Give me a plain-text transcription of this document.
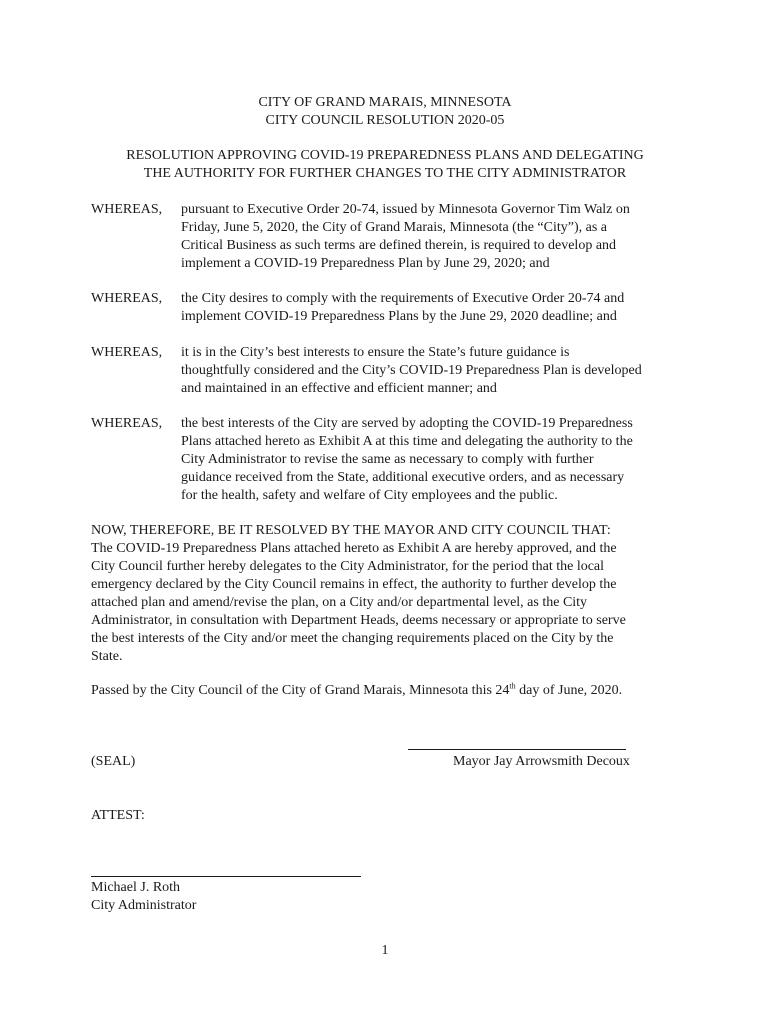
CITY OF GRAND MARAIS, MINNESOTA
CITY COUNCIL RESOLUTION 2020-05
RESOLUTION APPROVING COVID-19 PREPAREDNESS PLANS AND DELEGATING
THE AUTHORITY FOR FURTHER CHANGES TO THE CITY ADMINISTRATOR
WHEREAS, pursuant to Executive Order 20-74, issued by Minnesota Governor Tim Walz on
Friday, June 5, 2020, the City of Grand Marais, Minnesota (the “City”), as a
Critical Business as such terms are defined therein, is required to develop and
implement a COVID-19 Preparedness Plan by June 29, 2020; and
WHEREAS, the City desires to comply with the requirements of Executive Order 20-74 and
implement COVID-19 Preparedness Plans by the June 29, 2020 deadline; and
WHEREAS, it is in the City’s best interests to ensure the State’s future guidance is
thoughtfully considered and the City’s COVID-19 Preparedness Plan is developed
and maintained in an effective and efficient manner; and
WHEREAS, the best interests of the City are served by adopting the COVID-19 Preparedness
Plans attached hereto as Exhibit A at this time and delegating the authority to the
City Administrator to revise the same as necessary to comply with further
guidance received from the State, additional executive orders, and as necessary
for the health, safety and welfare of City employees and the public.
NOW, THEREFORE, BE IT RESOLVED BY THE MAYOR AND CITY COUNCIL THAT:
The COVID-19 Preparedness Plans attached hereto as Exhibit A are hereby approved, and the
City Council further hereby delegates to the City Administrator, for the period that the local
emergency declared by the City Council remains in effect, the authority to further develop the
attached plan and amend/revise the plan, on a City and/or departmental level, as the City
Administrator, in consultation with Department Heads, deems necessary or appropriate to serve
the best interests of the City and/or meet the changing requirements placed on the City by the
State.
Passed by the City Council of the City of Grand Marais, Minnesota this 24th day of June, 2020.
(SEAL)	Mayor Jay Arrowsmith Decoux
ATTEST:
Michael J. Roth
City Administrator
1
